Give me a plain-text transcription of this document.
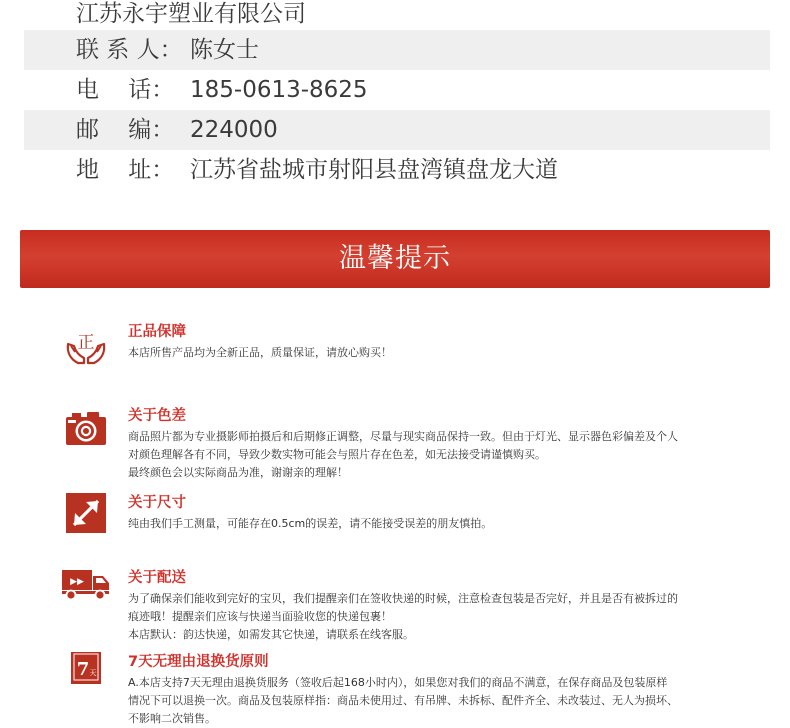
江苏永宇塑业有限公司
联 系 人： 陈女士
电    话： 185-0613-8625
邮    编： 224000
地    址： 江苏省盐城市射阳县盘湾镇盘龙大道
温馨提示
正
正品保障
本店所售产品均为全新正品，质量保证，请放心购买！
关于色差
商品照片都为专业摄影师拍摄后和后期修正调整，尽量与现实商品保持一致。但由于灯光、显示器色彩偏差及个人
对颜色理解各有不同，导致少数实物可能会与照片存在色差，如无法接受请谨慎购买。
最终颜色会以实际商品为准，谢谢亲的理解！
关于尺寸
纯由我们手工测量，可能存在0.5cm的误差，请不能接受误差的朋友慎拍。
▶▶	关于配送
为了确保亲们能收到完好的宝贝，我们提醒亲们在签收快递的时候，注意检查包装是否完好，并且是否有被拆过的
痕迹哦！提醒亲们应该与快递当面验收您的快递包裹！
本店默认：韵达快递，如需发其它快递，请联系在线客服。
7 天
7天无理由退换货原则
A.本店支持7天无理由退换货服务（签收后起168小时内），如果您对我们的商品不满意，在保存商品及包装原样
情况下可以退换一次。商品及包装原样指：商品未使用过、有吊牌、未拆标、配件齐全、未改装过、无人为损坏、
不影响二次销售。
